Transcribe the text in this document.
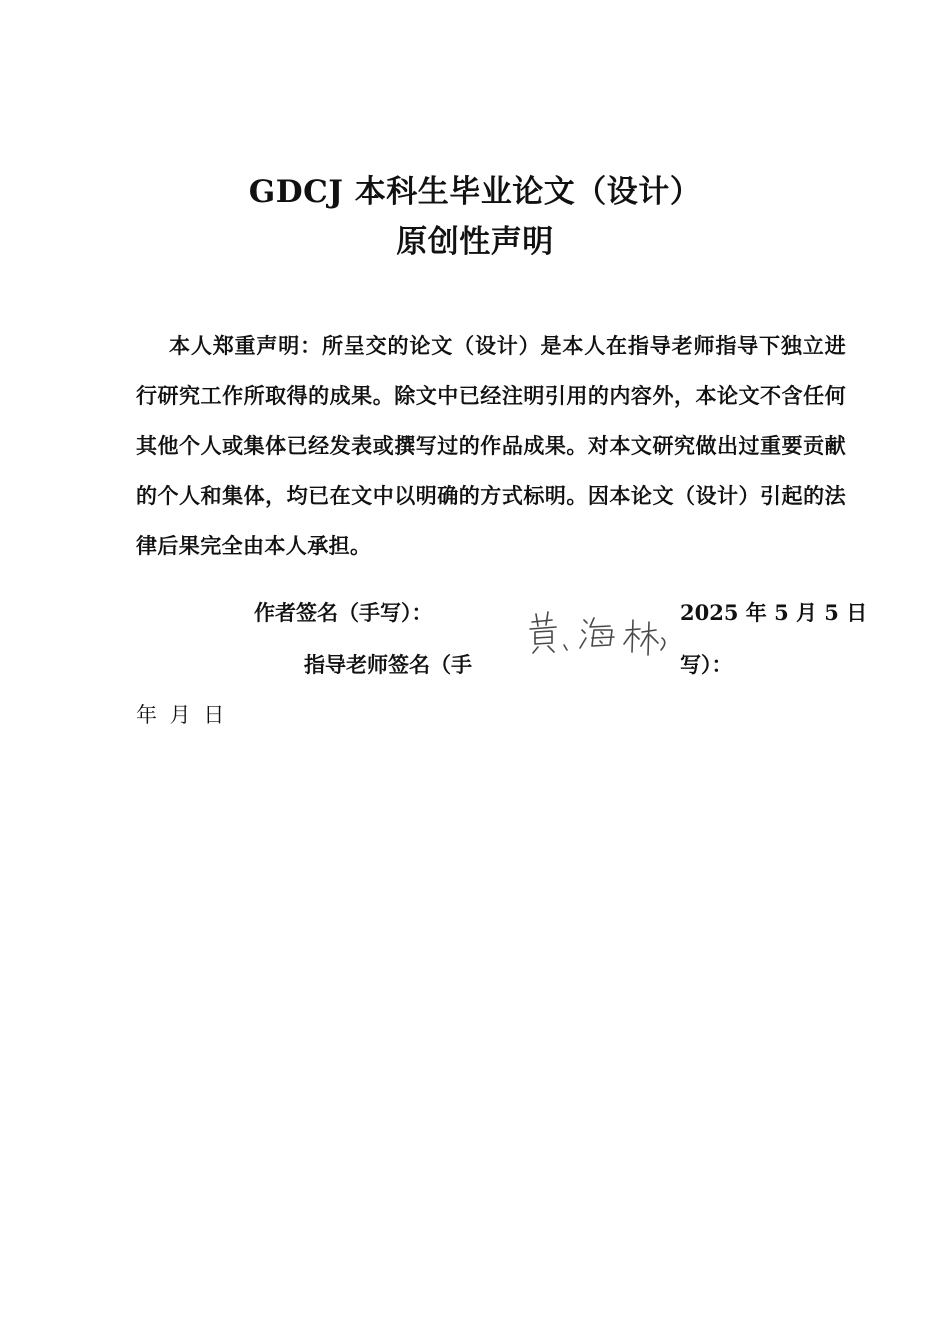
GDCJ 本科生毕业论文（设计）
原创性声明
本人郑重声明：所呈交的论文（设计）是本人在指导老师指导下独立进行研究工作所取得的成果。除文中已经注明引用的内容外，本论文不含任何其他个人或集体已经发表或撰写过的作品成果。对本文研究做出过重要贡献的个人和集体，均已在文中以明确的方式标明。因本论文（设计）引起的法律后果完全由本人承担。
作者签名（手写）：	2025 年 5 月 5 日
指导老师签名（手	写）：
年 月 日
